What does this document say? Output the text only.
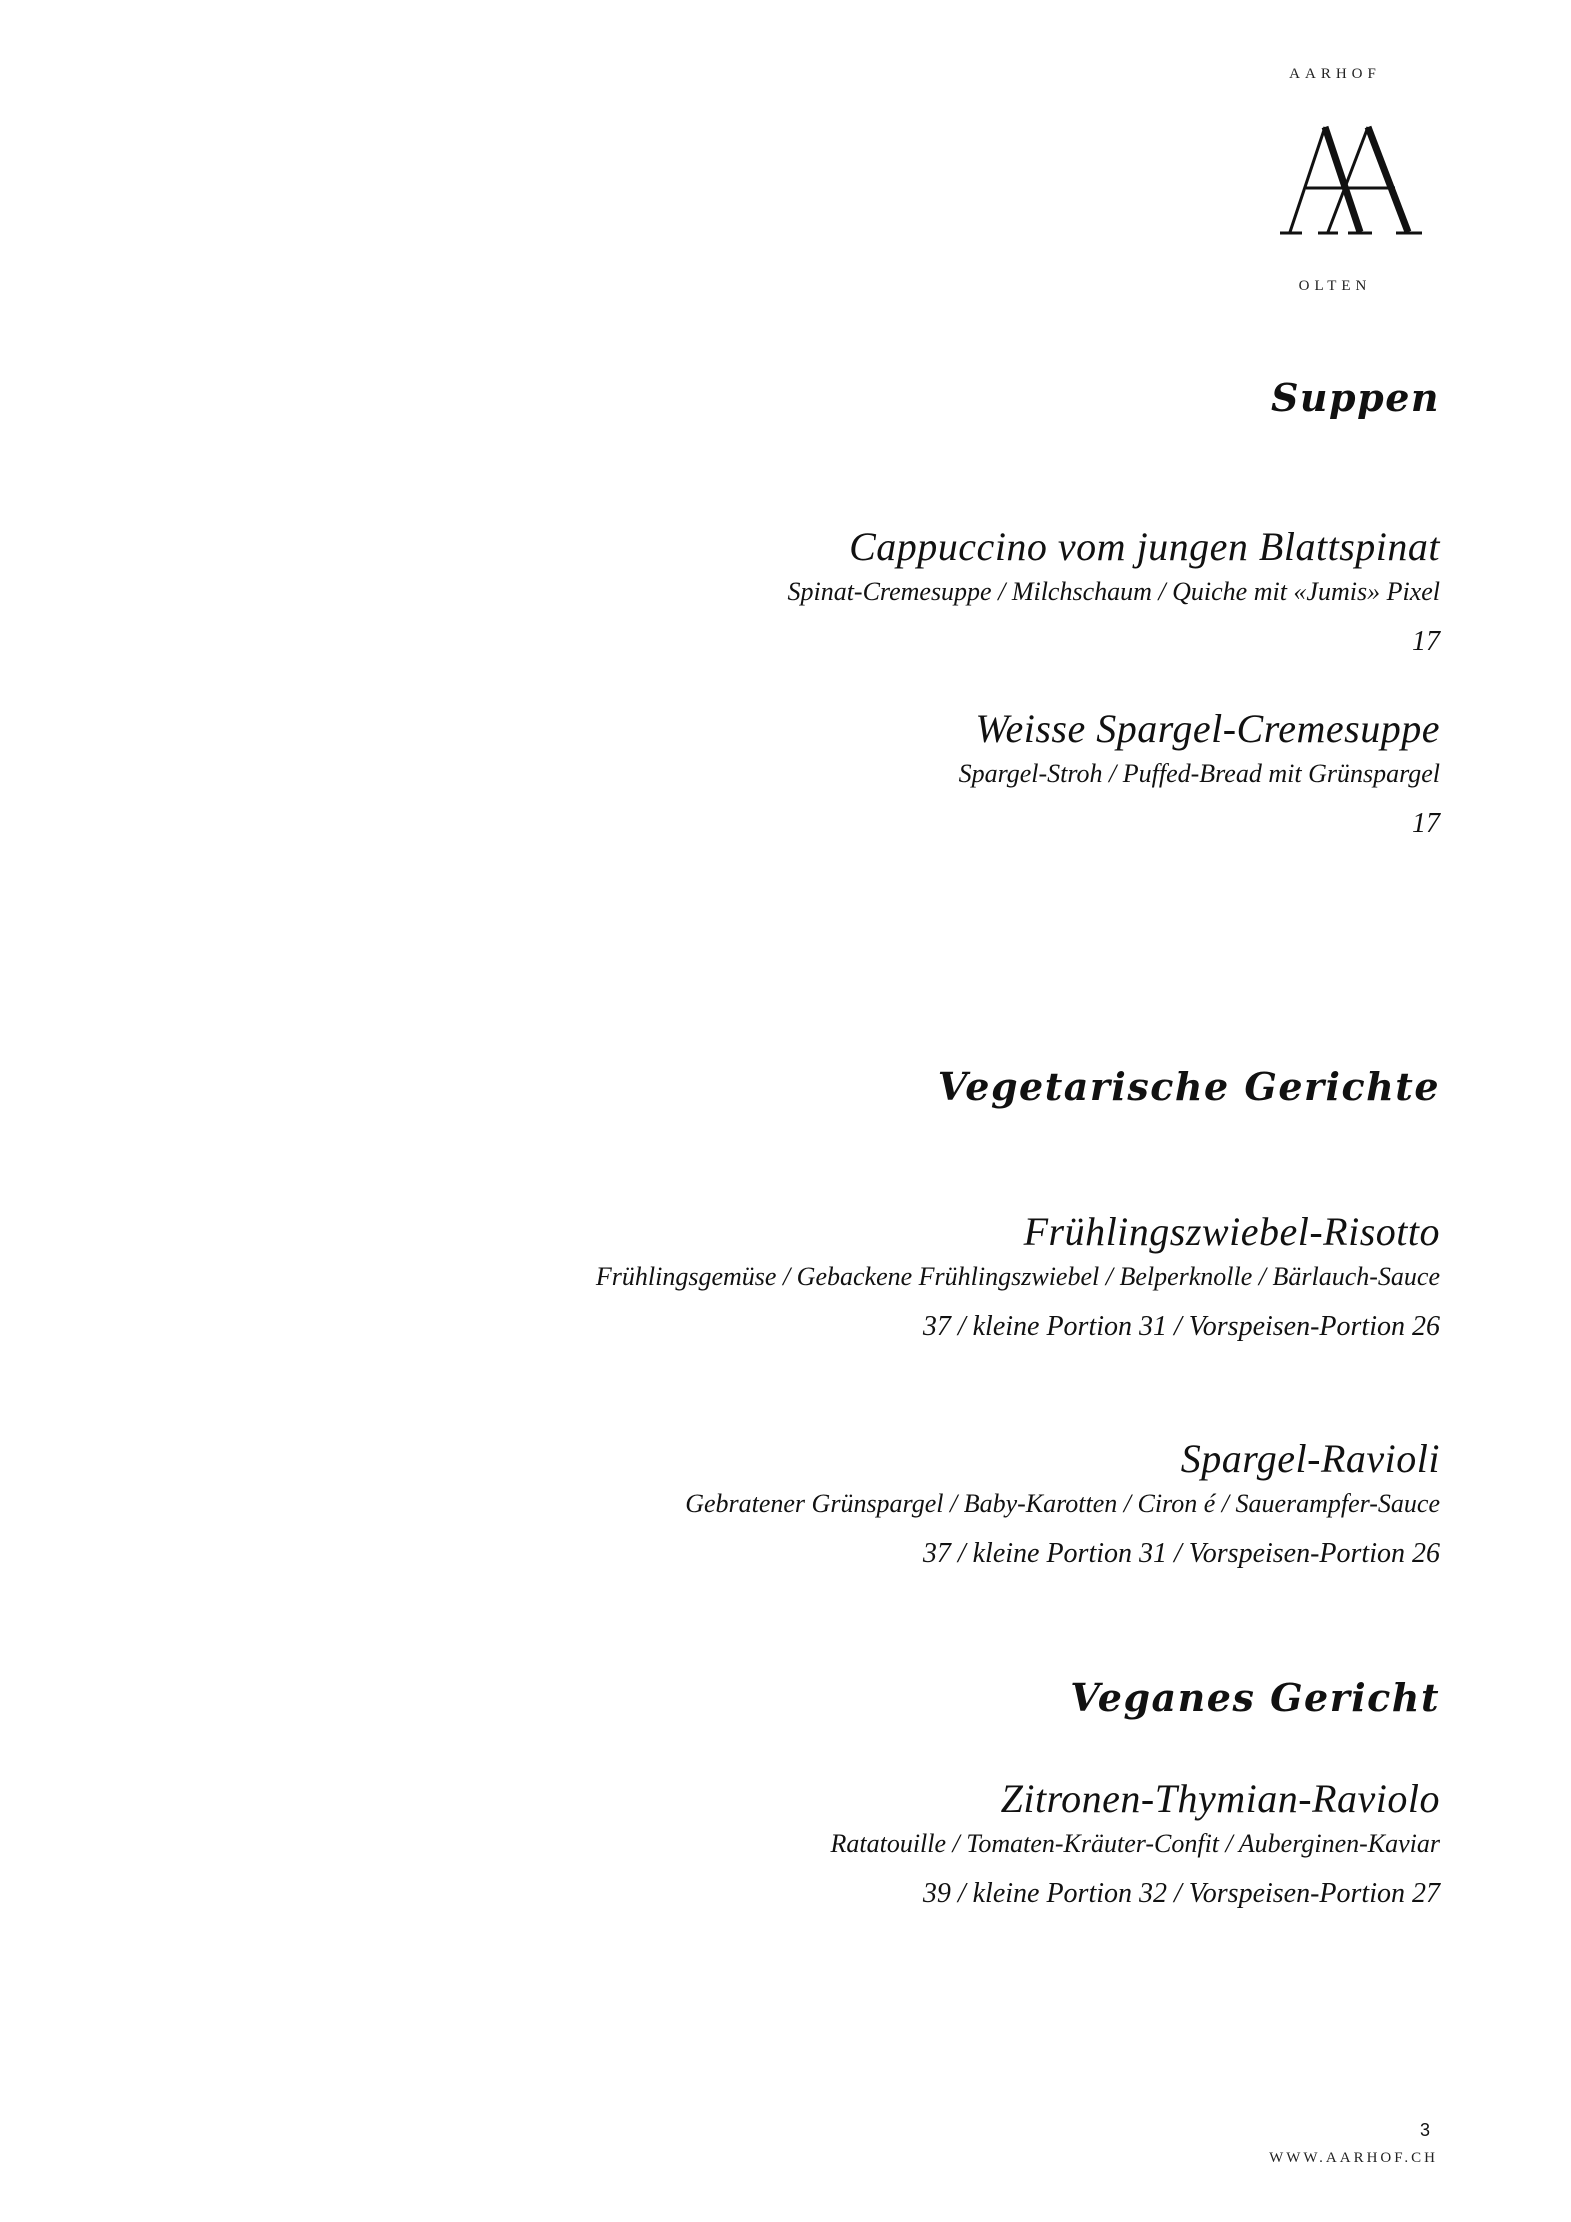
AARHOF
OLTEN
Suppen
Cappuccino vom jungen Blattspinat
Spinat-Cremesuppe / Milchschaum / Quiche mit «Jumis» Pixel
17
Weisse Spargel-Cremesuppe
Spargel-Stroh / Puffed-Bread mit Grünspargel
17
Vegetarische Gerichte
Frühlingszwiebel-Risotto
Frühlingsgemüse / Gebackene Frühlingszwiebel / Belperknolle / Bärlauch-Sauce
37 / kleine Portion 31 / Vorspeisen-Portion 26
Spargel-Ravioli
Gebratener Grünspargel / Baby-Karotten / Ciron é / Sauerampfer-Sauce
37 / kleine Portion 31 / Vorspeisen-Portion 26
Veganes Gericht
Zitronen-Thymian-Raviolo
Ratatouille / Tomaten-Kräuter-Confit / Auberginen-Kaviar
39 / kleine Portion 32 / Vorspeisen-Portion 27
3
WWW.AARHOF.CH
